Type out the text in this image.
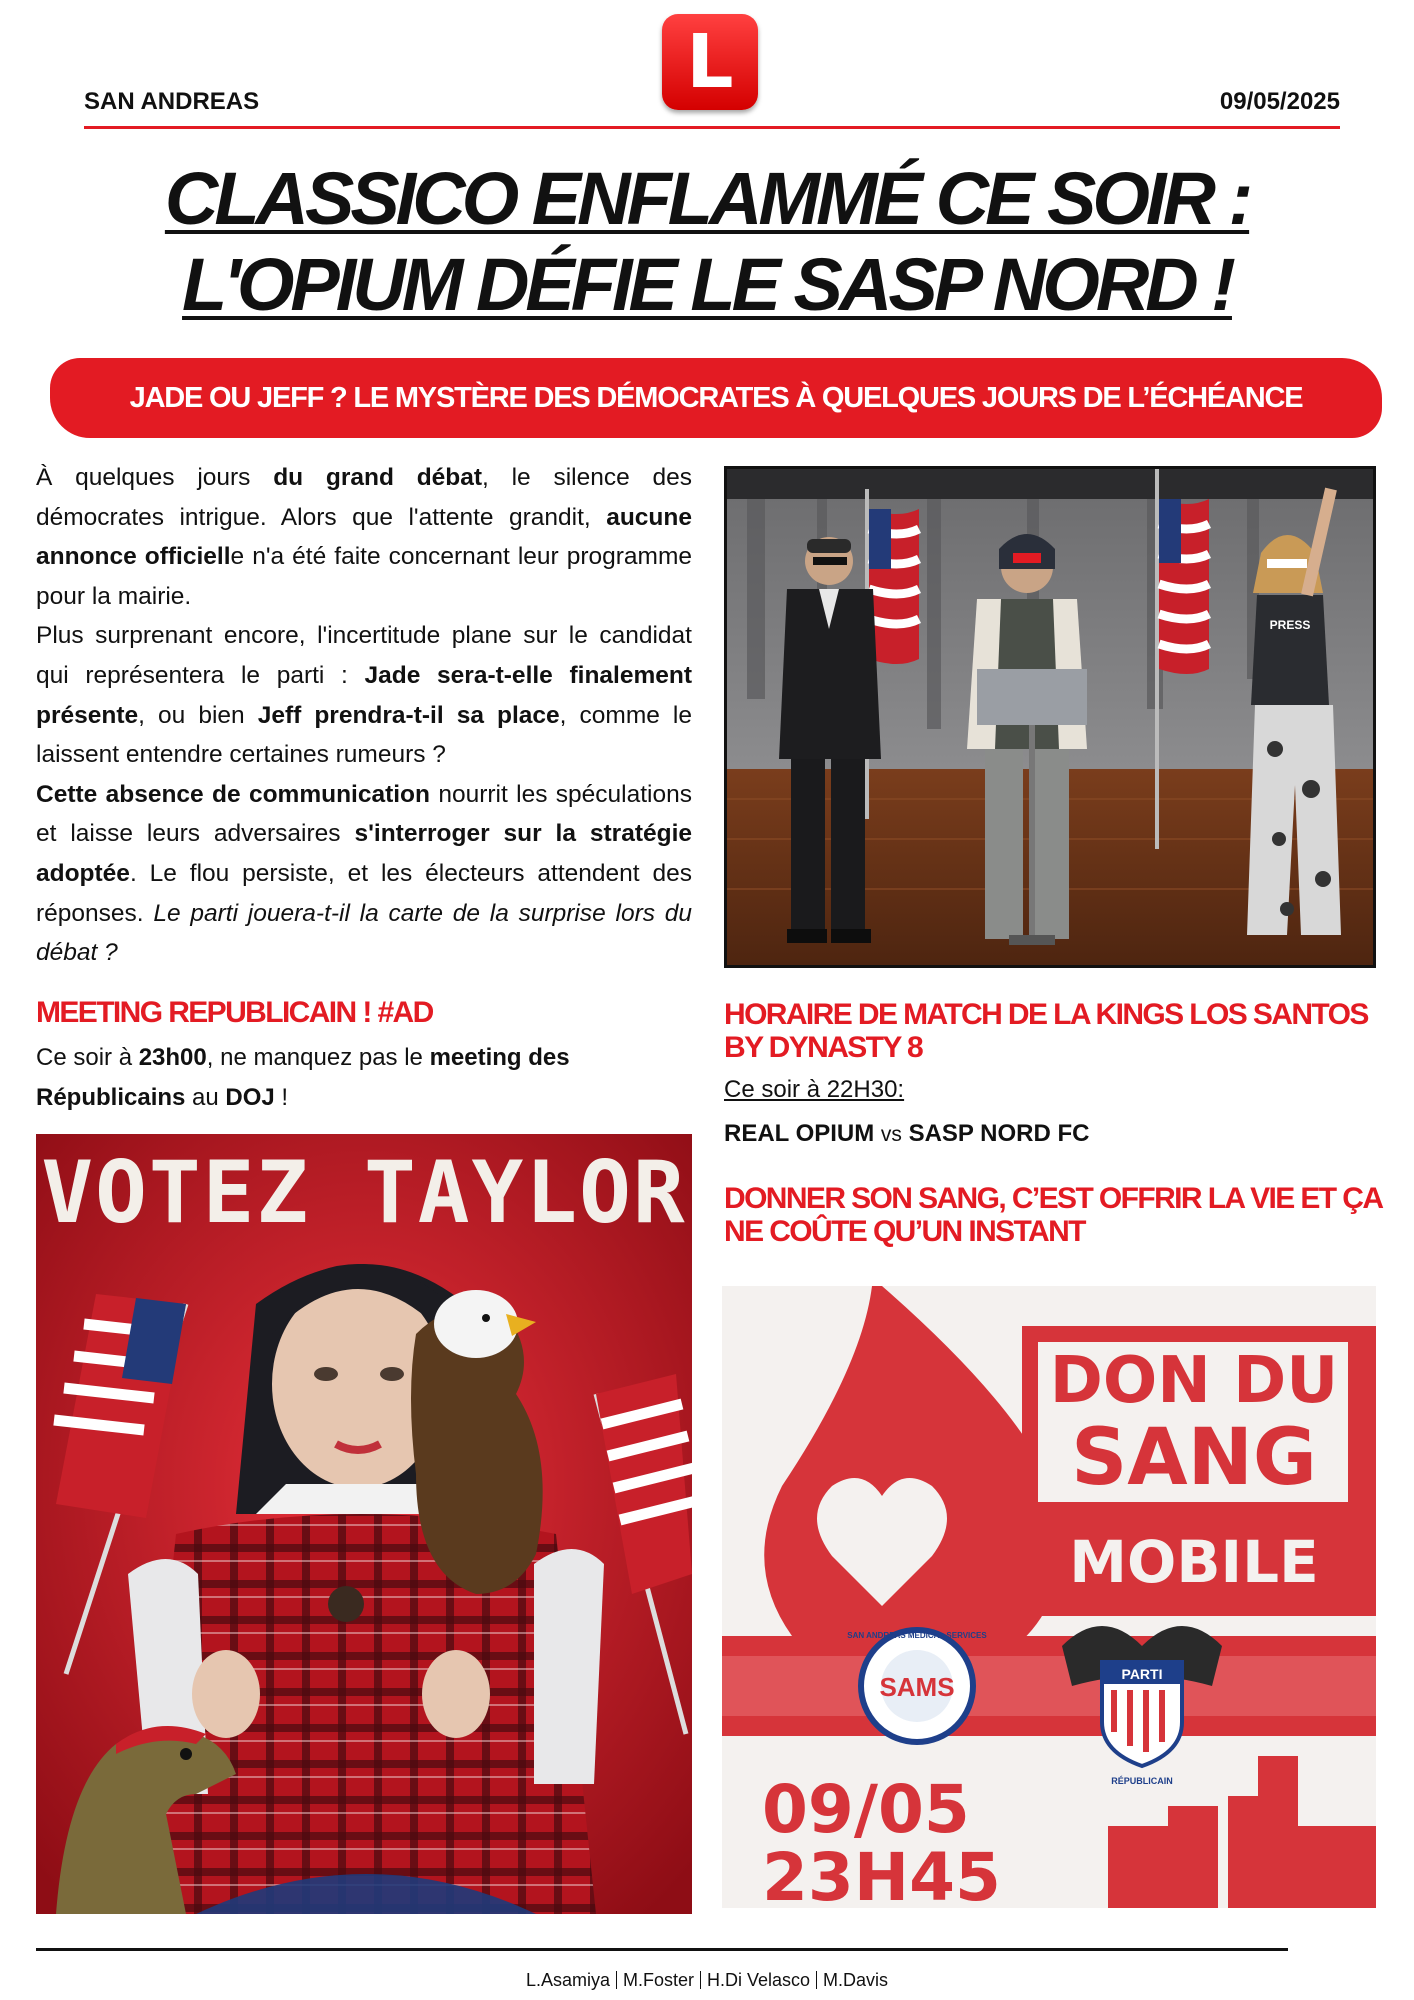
L
SAN ANDREAS	09/05/2025
CLASSICO ENFLAMMÉ CE SOIR :
L'OPIUM DÉFIE LE SASP NORD !
JADE OU JEFF ? LE MYSTÈRE DES DÉMOCRATES À QUELQUES JOURS DE L’ÉCHÉANCE

À quelques jours du grand débat, le silence des démocrates intrigue. Alors que l'attente grandit, aucune annonce officielle n'a été faite concernant leur programme pour la mairie.

Plus surprenant encore, l'incertitude plane sur le candidat qui représentera le parti : Jade sera-t-elle finalement présente, ou bien Jeff prendra-t-il sa place, comme le laissent entendre certaines rumeurs ?

Cette absence de communication nourrit les spéculations et laisse leurs adversaires s'interroger sur la stratégie adoptée. Le flou persiste, et les électeurs attendent des réponses. Le parti jouera-t-il la carte de la surprise lors du débat ?

PRESS
MEETING REPUBLICAIN ! #AD
Ce soir à 23h00, ne manquez pas le meeting des Républicains au DOJ !
VOTEZ TAYLOR
HORAIRE DE MATCH DE LA KINGS LOS SANTOS BY DYNASTY 8
Ce soir à 22H30:
REAL OPIUM vs SASP NORD FC
DONNER SON SANG, C’EST OFFRIR LA VIE ET ÇA NE COÛTE QU’UN INSTANT
DON DU
SANG
MOBILE
SAN ANDREAS MEDICAL SERVICES
SAMS	PARTI
RÉPUBLICAIN
09/05
23H45
L.Asamiya M.Foster H.Di Velasco M.Davis
